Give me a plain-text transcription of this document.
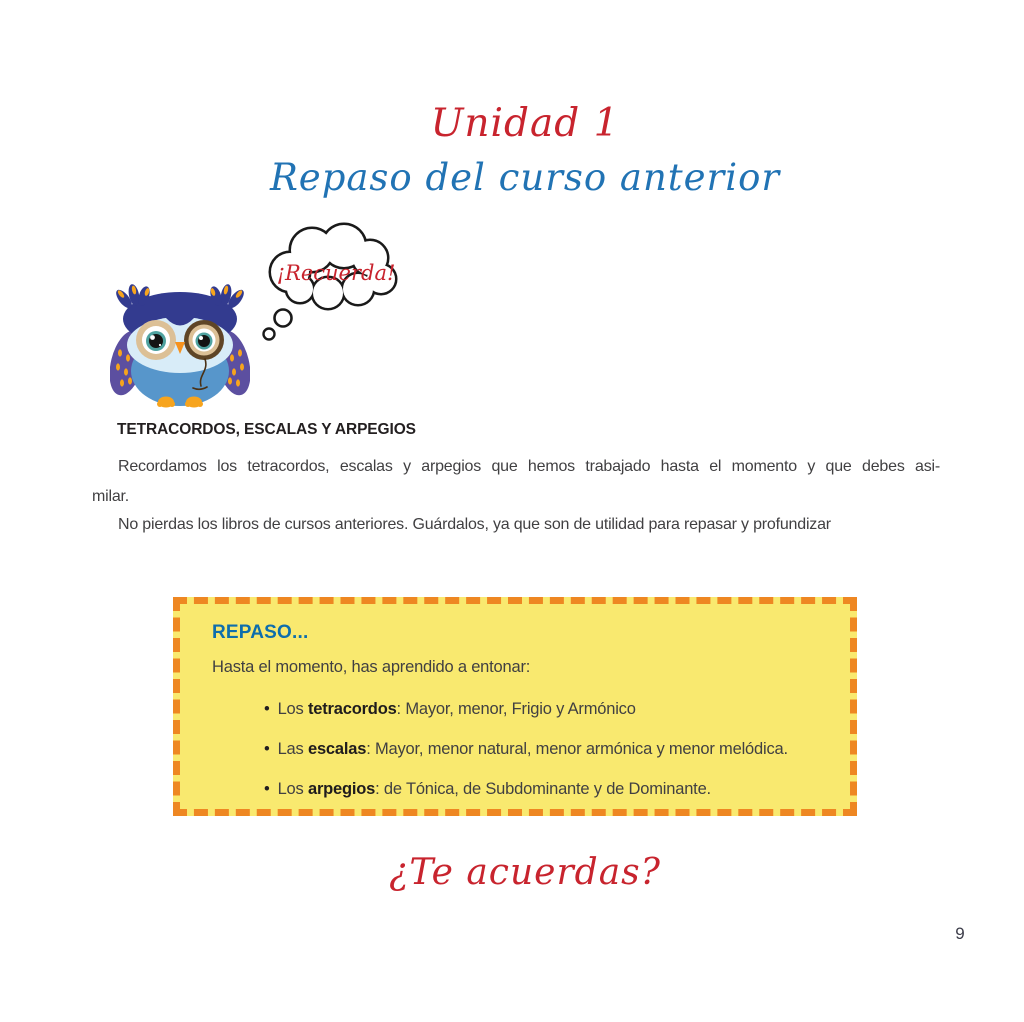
Unidad 1
Repaso del curso anterior
¡Recuerda!
TETRACORDOS, ESCALAS Y ARPEGIOS
Recordamos los tetracordos, escalas y arpegios que hemos trabajado hasta el momento y que debes asi-
milar.
No pierdas los libros de cursos anteriores. Guárdalos, ya que son de utilidad para repasar y profundizar

REPASO...

Hasta el momento, has aprendido a entonar:

• Los tetracordos: Mayor, menor, Frigio y Armónico
• Las escalas: Mayor, menor natural, menor armónica y menor melódica.
• Los arpegios: de Tónica, de Subdominante y de Dominante.
¿Te acuerdas?
9
